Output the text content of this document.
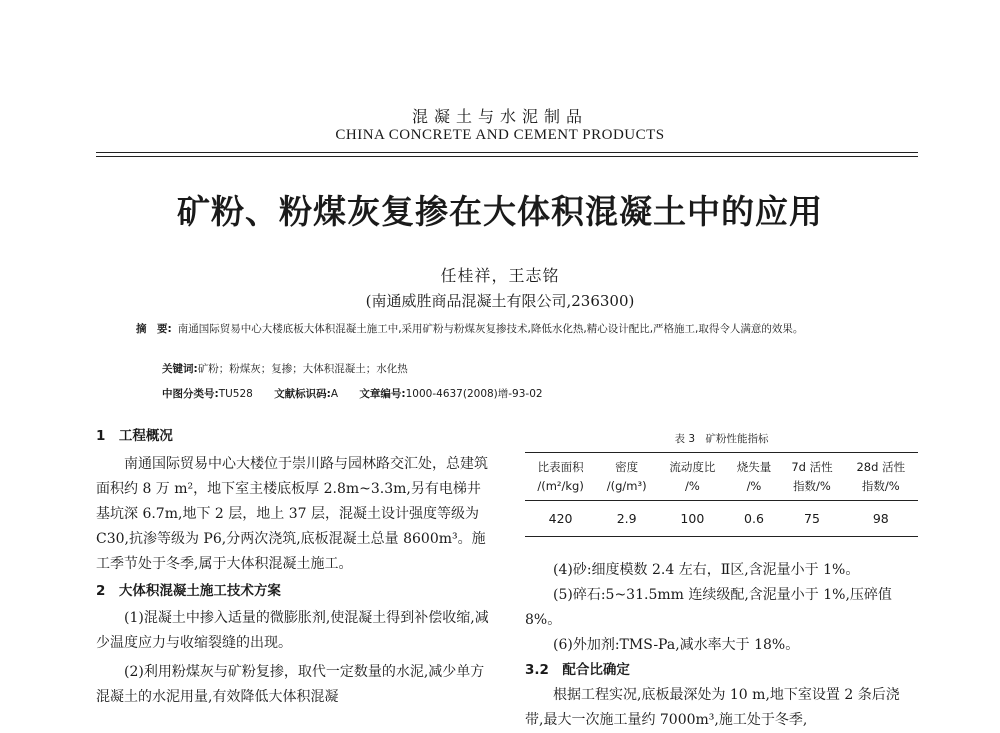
混凝土与水泥制品
CHINA CONCRETE AND CEMENT PRODUCTS
矿粉、粉煤灰复掺在大体积混凝土中的应用
任桂祥，王志铭
(南通威胜商品混凝土有限公司,236300)
摘　要: 南通国际贸易中心大楼底板大体积混凝土施工中,采用矿粉与粉煤灰复掺技术,降低水化热,精心设计配比,严格施工,取得令人满意的效果。
关键词:矿粉；粉煤灰；复掺；大体积混凝土；水化热
中图分类号:TU528 文献标识码:A 文章编号:1000-4637(2008)增-93-02
1　工程概况
南通国际贸易中心大楼位于崇川路与园林路交汇处，总建筑面积约 8 万 m²，地下室主楼底板厚 2.8m~3.3m,另有电梯井基坑深 6.7m,地下 2 层，地上 37 层，混凝土设计强度等级为 C30,抗渗等级为 P6,分两次浇筑,底板混凝土总量 8600m³。施工季节处于冬季,属于大体积混凝土施工。
2　大体积混凝土施工技术方案
(1)混凝土中掺入适量的微膨胀剂,使混凝土得到补偿收缩,减少温度应力与收缩裂缝的出现。
(2)利用粉煤灰与矿粉复掺，取代一定数量的水泥,减少单方混凝土的水泥用量,有效降低大体积混凝
表 3　矿粉性能指标
比表面积	密度	流动度比	烧失量	7d 活性	28d 活性
/(m²/kg)	/(g/m³)	/%	/%	指数/%	指数/%
420	2.9	100	0.6	75	98
(4)砂:细度模数 2.4 左右，Ⅱ区,含泥量小于 1%。
(5)碎石:5~31.5mm 连续级配,含泥量小于 1%,压碎值 8%。
(6)外加剂:TMS-Pa,减水率大于 18%。
3.2　配合比确定
根据工程实况,底板最深处为 10 m,地下室设置 2 条后浇带,最大一次施工量约 7000m³,施工处于冬季,
